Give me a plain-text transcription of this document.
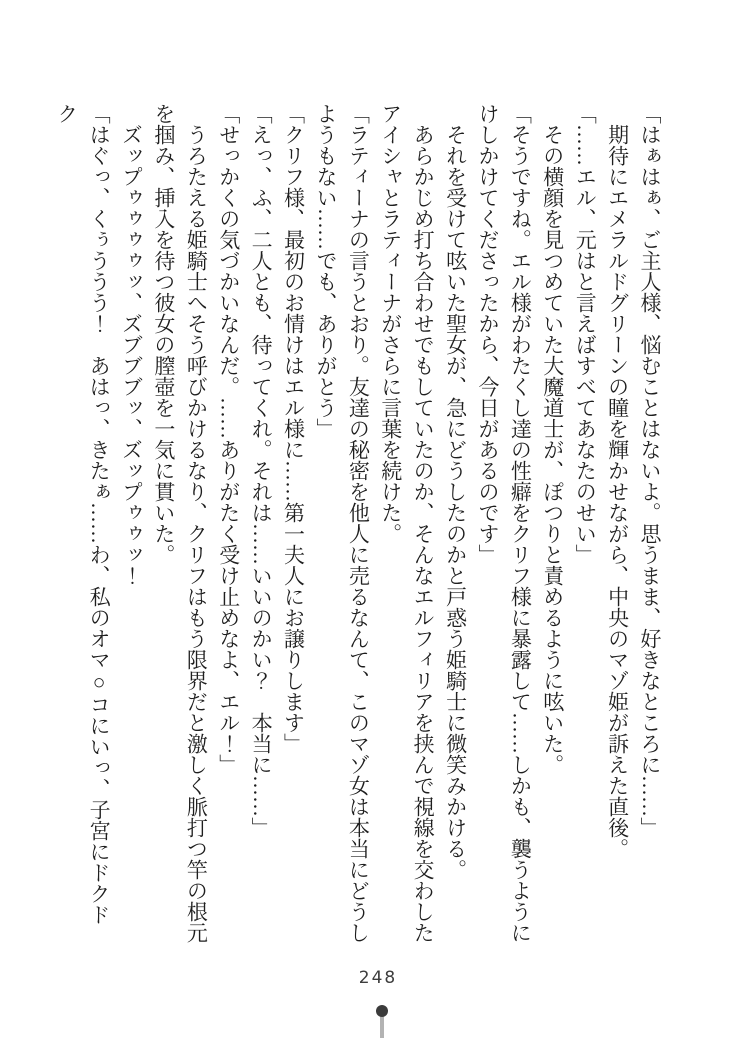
「はぁはぁ、ご主人様、悩むことはないよ。思うまま、好きなところに……」

期待にエメラルドグリーンの瞳を輝かせながら、中央のマゾ姫が訴えた直後。

「……エル、元はと言えばすべてあなたのせい」

その横顔を見つめていた大魔道士が、ぽつりと責めるように呟いた。

「そうですね。エル様がわたくし達の性癖をクリフ様に暴露して……しかも、襲うようにけしかけてくださったから、今日があるのです」

それを受けて呟いた聖女が、急にどうしたのかと戸惑う姫騎士に微笑みかける。

あらかじめ打ち合わせでもしていたのか、そんなエルフィリアを挟んで視線を交わしたアイシャとラティーナがさらに言葉を続けた。

「ラティーナの言うとおり。友達の秘密を他人に売るなんて、このマゾ女は本当にどうしようもない……でも、ありがとう」

「クリフ様、最初のお情けはエル様に……第一夫人にお譲りします」

「えっ、ふ、二人とも、待ってくれ。それは……いいのかい？　本当に……」

「せっかくの気づかいなんだ。……ありがたく受け止めなよ、エル！」

うろたえる姫騎士へそう呼びかけるなり、クリフはもう限界だと激しく脈打つ竿の根元を掴み、挿入を待つ彼女の膣壺を一気に貫いた。

ズップゥゥゥゥッ、ズブブブッ、ズップゥゥッ！

「はぐっ、くぅううう！　あはっ、きたぁ……わ、私のオマ○コにいっ、子宮にドクドク

248
